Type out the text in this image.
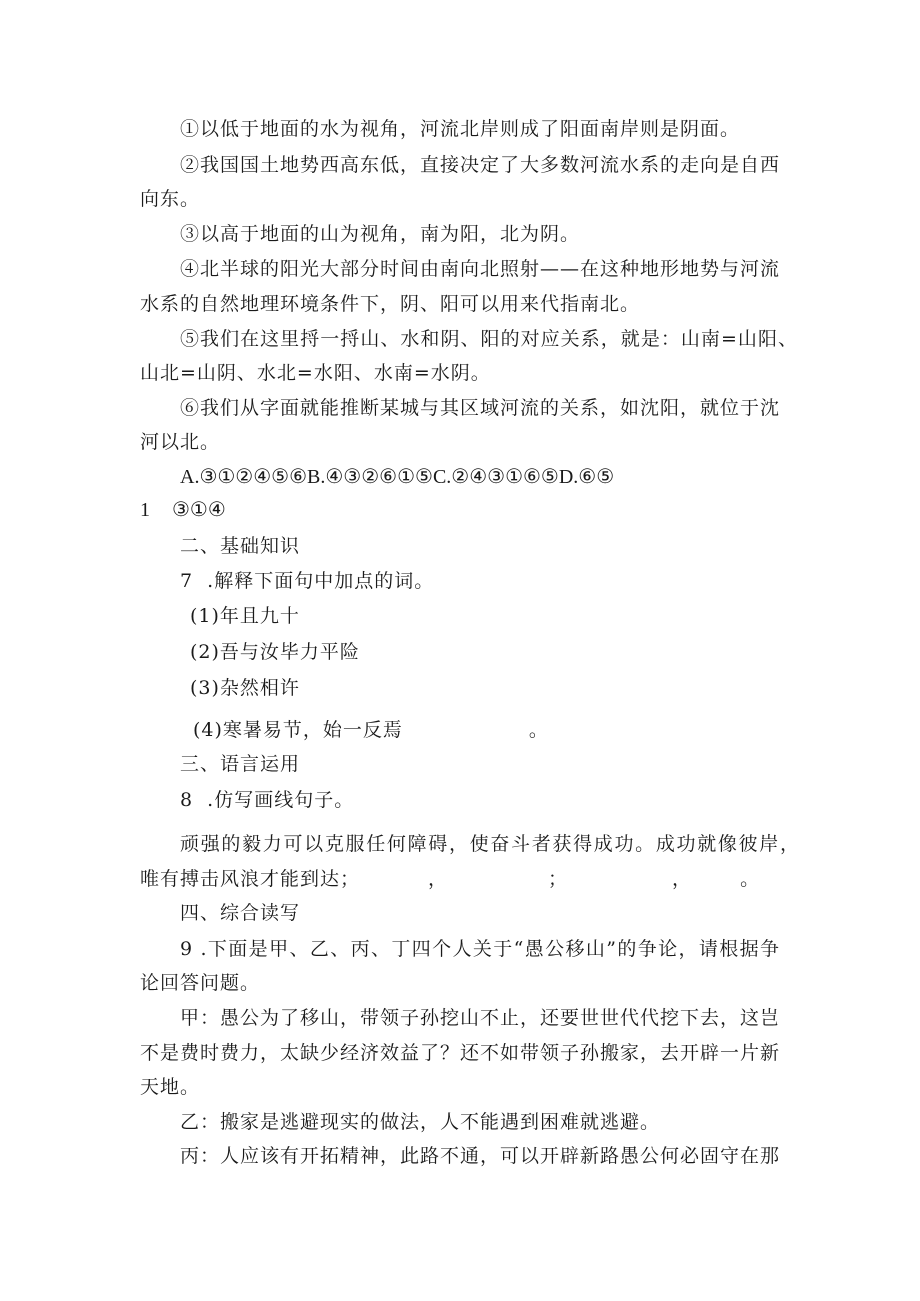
①以低于地面的水为视角，河流北岸则成了阳面南岸则是阴面。
②我国国土地势西高东低，直接决定了大多数河流水系的走向是自西
向东。
③以高于地面的山为视角，南为阳，北为阴。
④北半球的阳光大部分时间由南向北照射——在这种地形地势与河流
水系的自然地理环境条件下，阴、阳可以用来代指南北。
⑤我们在这里捋一捋山、水和阴、阳的对应关系，就是：山南=山阳、
山北=山阴、水北=水阳、水南=水阴。
⑥我们从字面就能推断某城与其区域河流的关系，如沈阳，就位于沈
河以北。
A.③①②④⑤⑥B.④③②⑥①⑤C.②④③①⑥⑤D.⑥⑤
1 ③①④
二、基础知识
7  .解释下面句中加点的词。
(1)年且九十
(2)吾与汝毕力平险
(3)杂然相许
(4)寒暑易节，始一反焉	。
三、语言运用
8  .仿写画线句子。
顽强的毅力可以克服任何障碍，使奋斗者获得成功。成功就像彼岸，
唯有搏击风浪才能到达；	，	；	，	。
四、综合读写
9 .下面是甲、乙、丙、丁四个人关于“愚公移山”的争论，请根据争
论回答问题。
甲：愚公为了移山，带领子孙挖山不止，还要世世代代挖下去，这岂
不是费时费力，太缺少经济效益了？还不如带领子孙搬家，去开辟一片新
天地。
乙：搬家是逃避现实的做法，人不能遇到困难就逃避。
丙：人应该有开拓精神，此路不通，可以开辟新路愚公何必固守在那
